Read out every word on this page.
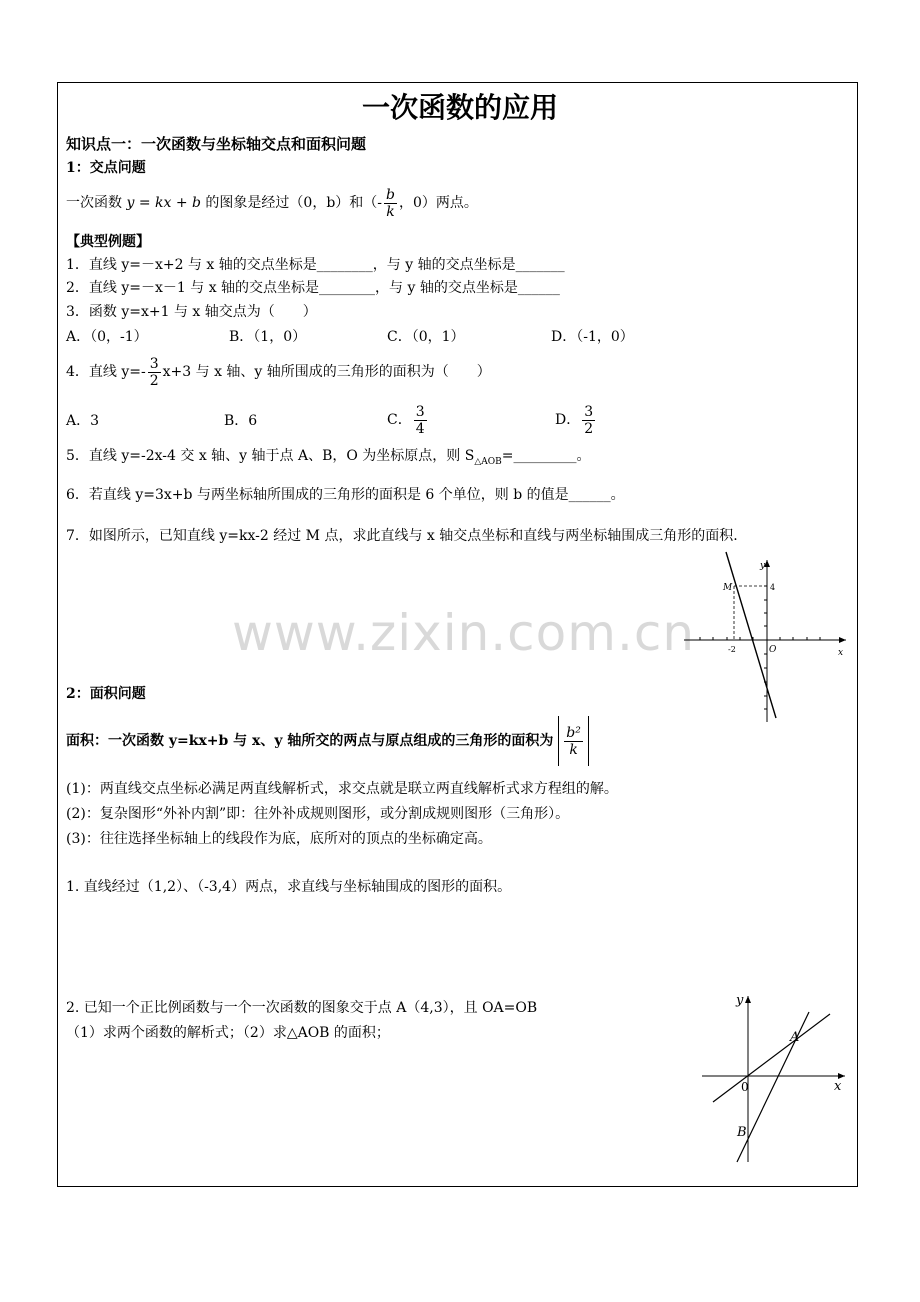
一次函数的应用
知识点一：一次函数与坐标轴交点和面积问题
1：交点问题
一次函数 y = kx + b 的图象是经过（0，b）和（- $\frac{b}{k}$ ，0）两点。
【典型例题】
1．直线 y=－x+2 与 x 轴的交点坐标是________，与 y 轴的交点坐标是_______
2．直线 y=－x－1 与 x 轴的交点坐标是________，与 y 轴的交点坐标是______
3．函数 y=x+1 与 x 轴交点为（　　）
A．（0，-1）	B．（1，0）	C．（0，1）	D．（-1，0）
4．直线 $y=- \frac{3}{2} x+3$ 与 x 轴、y 轴所围成的三角形的面积为（　　）
A．3	B．6	C． $\frac{3}{4}$	D． $\frac{3}{2}$
5．直线 y=-2x-4 交 x 轴、y 轴于点 A、B，O 为坐标原点，则 $S_{\triangle AOB}=\_\_\_\_\_\_\_\_\_$。
6．若直线 y=3x+b 与两坐标轴所围成的三角形的面积是 6 个单位，则 b 的值是______。
7．如图所示，已知直线 y=kx-2 经过 M 点，求此直线与 x 轴交点坐标和直线与两坐标轴围成三角形的面积.
www.zixin.com.cn
y
x
M	4
-2	O
2：面积问题
面积：一次函数 y=kx+b 与 x、y 轴所交的两点与原点组成的三角形的面积为 $\frac{\text{b²}}{k}$
(1)：两直线交点坐标必满足两直线解析式，求交点就是联立两直线解析式求方程组的解。
(2)：复杂图形“外补内割”即：往外补成规则图形，或分割成规则图形（三角形）。
(3)：往往选择坐标轴上的线段作为底，底所对的顶点的坐标确定高。
1. 直线经过（1,2）、（-3,4）两点，求直线与坐标轴围成的图形的面积。
2. 已知一个正比例函数与一个一次函数的图象交于点 A（4,3），且 OA=OB
（1）求两个函数的解析式；（2）求△AOB 的面积；
y
x
A
0
B
